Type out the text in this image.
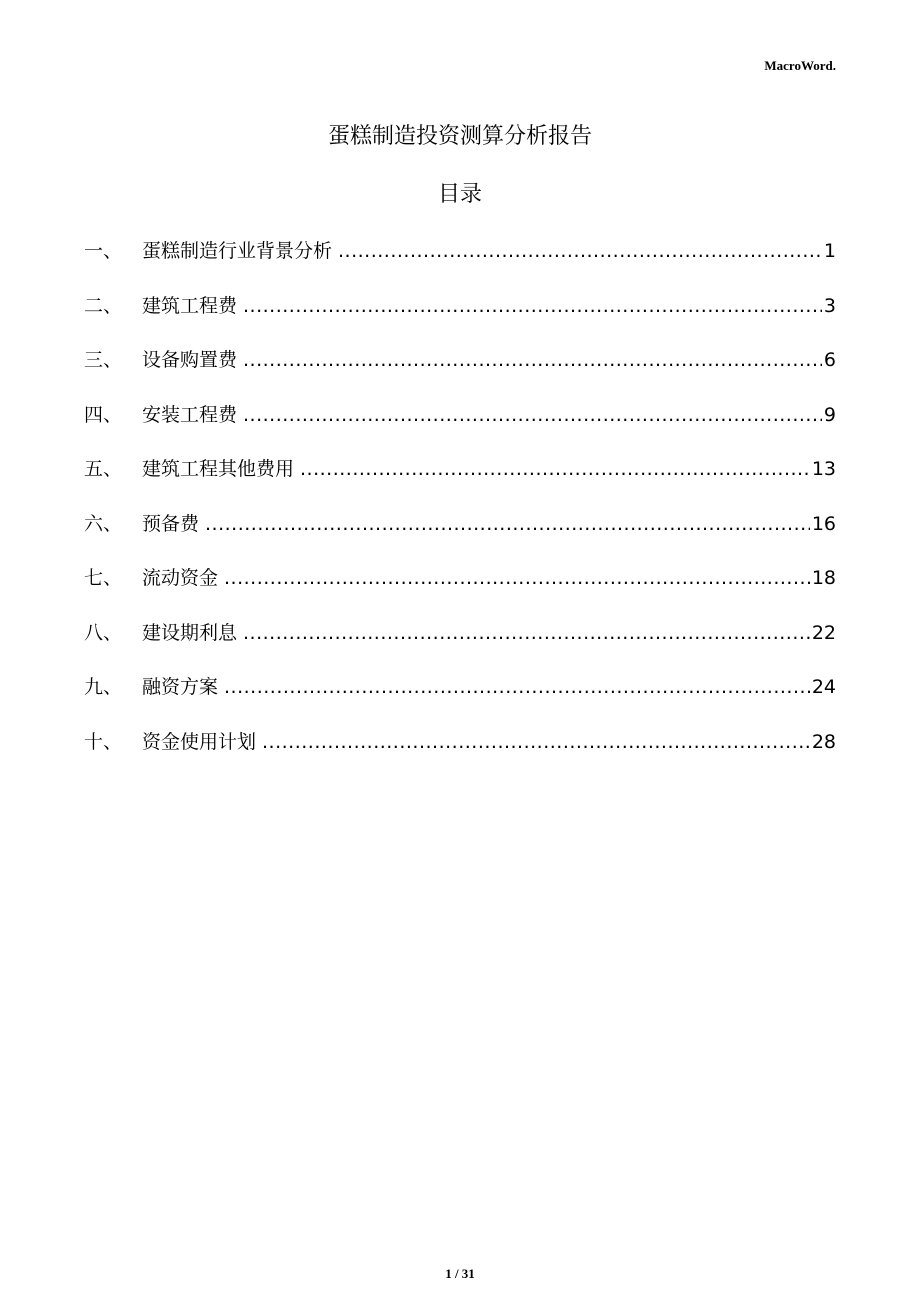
MacroWord.
蛋糕制造投资测算分析报告
目录
一、	蛋糕制造行业背景分析 .....	1
二、	建筑工程费 .....	3
三、	设备购置费 .....	6
四、	安装工程费 .....	9
五、	建筑工程其他费用 .....	13
六、	预备费 .....	16
七、	流动资金 .....	18
八、	建设期利息 .....	22
九、	融资方案 .....	24
十、	资金使用计划 .....	28
1 / 31
